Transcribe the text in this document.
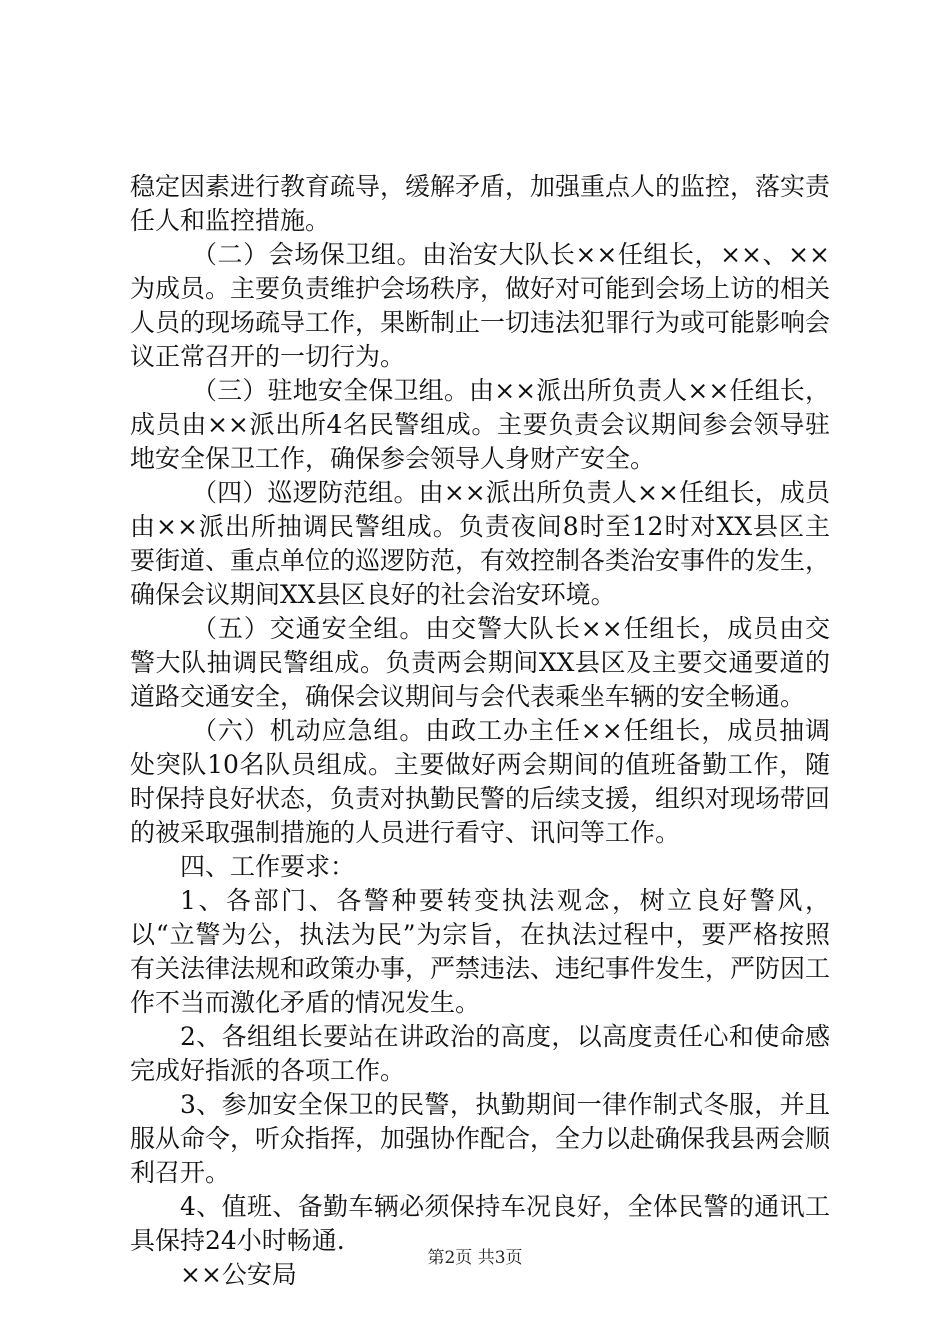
稳定因素进行教育疏导，缓解矛盾，加强重点人的监控，落实责任人和监控措施。

（二）会场保卫组。由治安大队长××任组长，××、××为成员。主要负责维护会场秩序，做好对可能到会场上访的相关人员的现场疏导工作，果断制止一切违法犯罪行为或可能影响会议正常召开的一切行为。

（三）驻地安全保卫组。由××派出所负责人××任组长，成员由××派出所4名民警组成。主要负责会议期间参会领导驻地安全保卫工作，确保参会领导人身财产安全。

（四）巡逻防范组。由××派出所负责人××任组长，成员由××派出所抽调民警组成。负责夜间8时至12时对XX县区主要街道、重点单位的巡逻防范，有效控制各类治安事件的发生，确保会议期间XX县区良好的社会治安环境。

（五）交通安全组。由交警大队长××任组长，成员由交警大队抽调民警组成。负责两会期间XX县区及主要交通要道的道路交通安全，确保会议期间与会代表乘坐车辆的安全畅通。

（六）机动应急组。由政工办主任××任组长，成员抽调处突队10名队员组成。主要做好两会期间的值班备勤工作，随时保持良好状态，负责对执勤民警的后续支援，组织对现场带回的被采取强制措施的人员进行看守、讯问等工作。

四、工作要求：

1、各部门、各警种要转变执法观念，树立良好警风，以“立警为公，执法为民”为宗旨，在执法过程中，要严格按照有关法律法规和政策办事，严禁违法、违纪事件发生，严防因工作不当而激化矛盾的情况发生。

2、各组组长要站在讲政治的高度，以高度责任心和使命感完成好指派的各项工作。

3、参加安全保卫的民警，执勤期间一律作制式冬服，并且服从命令，听众指挥，加强协作配合，全力以赴确保我县两会顺利召开。

4、值班、备勤车辆必须保持车况良好，全体民警的通讯工具保持24小时畅通.

××公安局

第2页 共3页
